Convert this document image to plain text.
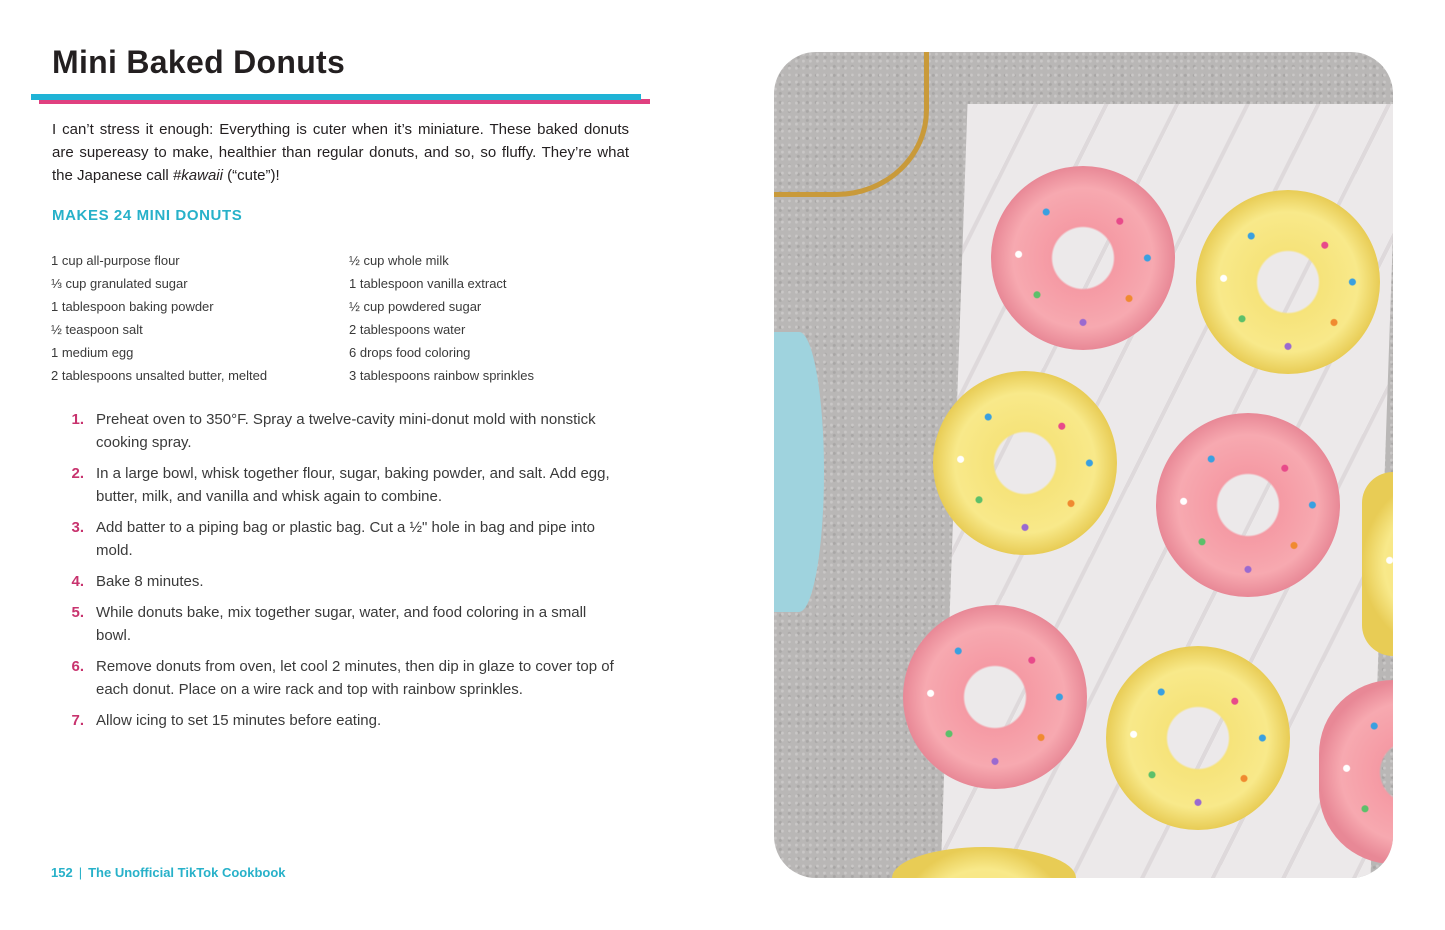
Mini Baked Donuts

I can’t stress it enough: Everything is cuter when it’s miniature. These baked donuts are supereasy to make, healthier than regular donuts, and so, so fluffy. They’re what the Japanese call #kawaii (“cute”)!

MAKES 24 MINI DONUTS
1 cup all-purpose flour
⅓ cup granulated sugar
1 tablespoon baking powder
½ teaspoon salt
1 medium egg
2 tablespoons unsalted butter, melted
½ cup whole milk
1 tablespoon vanilla extract
½ cup powdered sugar
2 tablespoons water
6 drops food coloring
3 tablespoons rainbow sprinkles
1. Preheat oven to 350°F. Spray a twelve-cavity mini-donut mold with nonstick cooking spray.
2. In a large bowl, whisk together flour, sugar, baking powder, and salt. Add egg, butter, milk, and vanilla and whisk again to combine.
3. Add batter to a piping bag or plastic bag. Cut a ½" hole in bag and pipe into mold.
4. Bake 8 minutes.
5. While donuts bake, mix together sugar, water, and food coloring in a small bowl.
6. Remove donuts from oven, let cool 2 minutes, then dip in glaze to cover top of each donut. Place on a wire rack and top with rainbow sprinkles.
7. Allow icing to set 15 minutes before eating.
152 | The Unofficial TikTok Cookbook
